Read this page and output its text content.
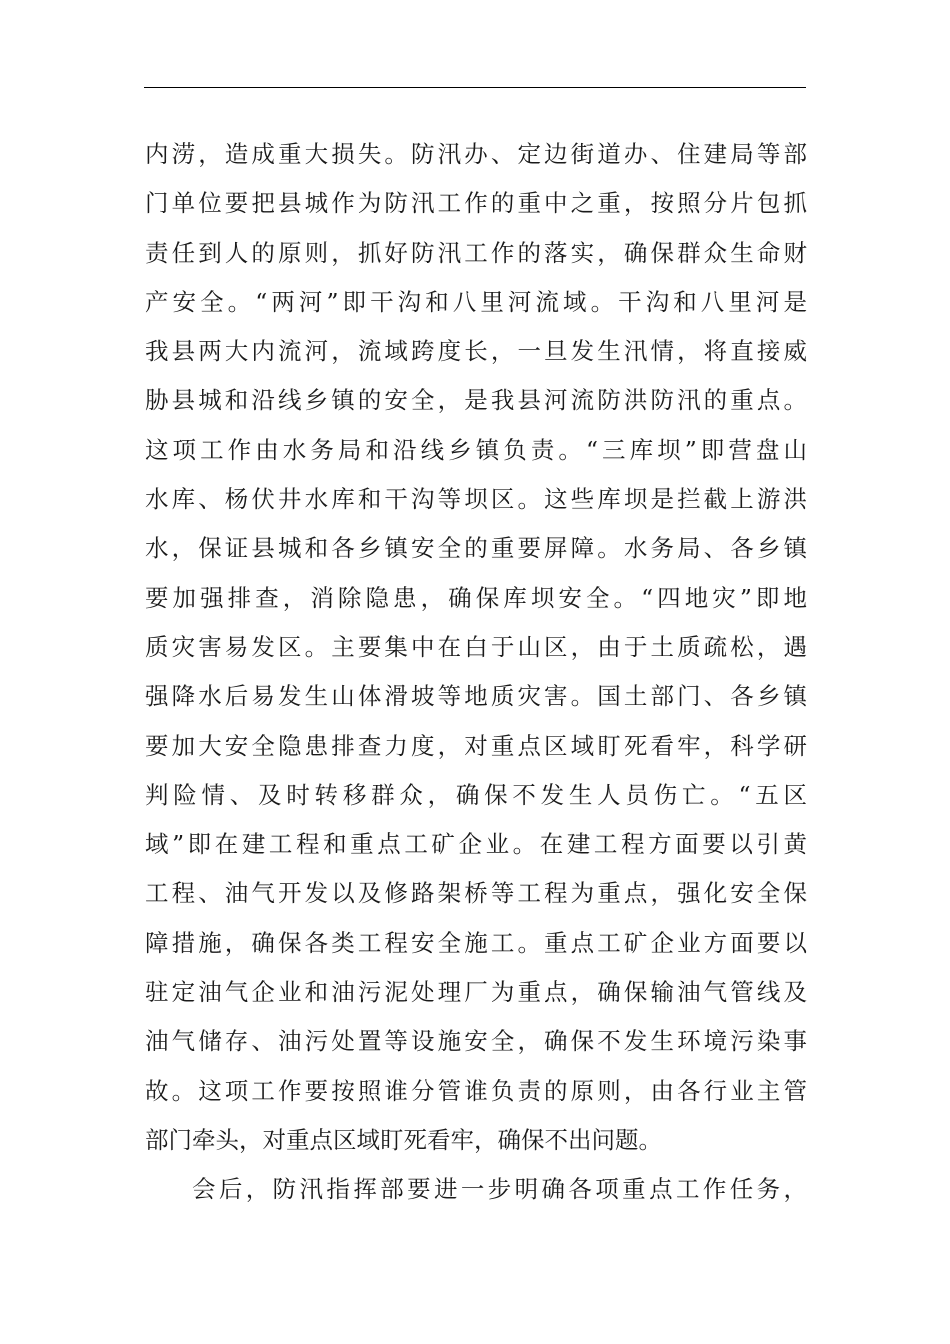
内涝，造成重大损失。防汛办、定边街道办、住建局等部
门单位要把县城作为防汛工作的重中之重，按照分片包抓
责任到人的原则，抓好防汛工作的落实，确保群众生命财
产安全。“两河”即干沟和八里河流域。干沟和八里河是
我县两大内流河，流域跨度长，一旦发生汛情，将直接威
胁县城和沿线乡镇的安全，是我县河流防洪防汛的重点。
这项工作由水务局和沿线乡镇负责。“三库坝”即营盘山
水库、杨伏井水库和干沟等坝区。这些库坝是拦截上游洪
水，保证县城和各乡镇安全的重要屏障。水务局、各乡镇
要加强排查，消除隐患，确保库坝安全。“四地灾”即地
质灾害易发区。主要集中在白于山区，由于土质疏松，遇
强降水后易发生山体滑坡等地质灾害。国土部门、各乡镇
要加大安全隐患排查力度，对重点区域盯死看牢，科学研
判险情、及时转移群众，确保不发生人员伤亡。“五区
域”即在建工程和重点工矿企业。在建工程方面要以引黄
工程、油气开发以及修路架桥等工程为重点，强化安全保
障措施，确保各类工程安全施工。重点工矿企业方面要以
驻定油气企业和油污泥处理厂为重点，确保输油气管线及
油气储存、油污处置等设施安全，确保不发生环境污染事
故。这项工作要按照谁分管谁负责的原则，由各行业主管
部门牵头，对重点区域盯死看牢，确保不出问题。
会后，防汛指挥部要进一步明确各项重点工作任务，
